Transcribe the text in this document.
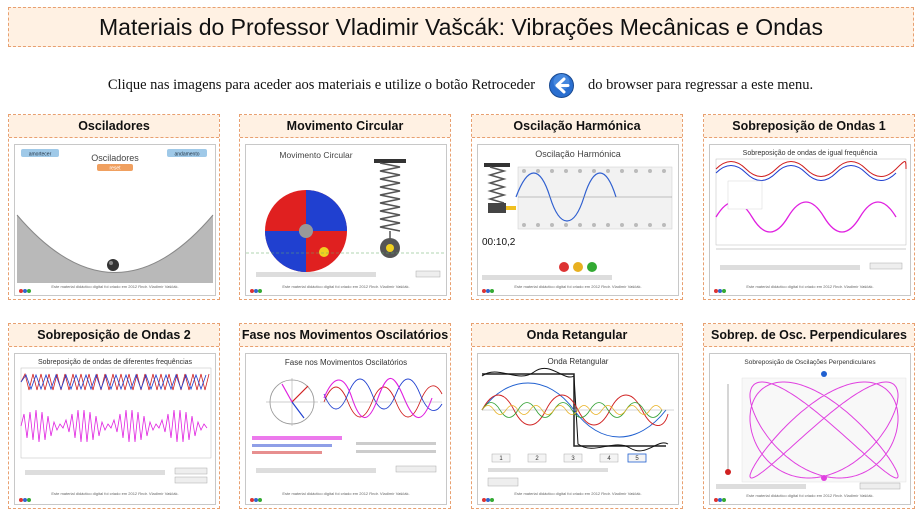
Materiais do Professor Vladimir Vašcák: Vibrações Mecânicas e Ondas
Clique nas imagens para aceder aos materiais e utilize o botão Retroceder	do browser para regressar a este menu.
Osciladores
amortecer	andamento
Osciladores
reset
Este material didáctico digital foi criado em 2012 Rndr. Vladimír Vaščák.
Movimento Circular
Movimento Circular
Este material didáctico digital foi criado em 2012 Rndr. Vladimír Vaščák.
Oscilação Harmónica
Oscilação Harmónica
00:10,2
Este material didáctico digital foi criado em 2012 Rndr. Vladimír Vaščák.
Sobreposição de Ondas 1
Sobreposição de ondas de igual frequência
Este material didáctico digital foi criado em 2012 Rndr. Vladimír Vaščák.
Sobreposição de Ondas 2
Sobreposição de ondas de diferentes frequências
Este material didáctico digital foi criado em 2012 Rndr. Vladimír Vaščák.
Fase nos Movimentos Oscilatórios
Fase nos Movimentos Oscilatórios
Este material didáctico digital foi criado em 2012 Rndr. Vladimír Vaščák.
Onda Retangular
Onda Retangular
1	2	3	4	5
Este material didáctico digital foi criado em 2012 Rndr. Vladimír Vaščák.
Sobrep. de Osc. Perpendiculares
Sobreposição de Oscilações Perpendiculares
Este material didáctico digital foi criado em 2012 Rndr. Vladimír Vaščák.
